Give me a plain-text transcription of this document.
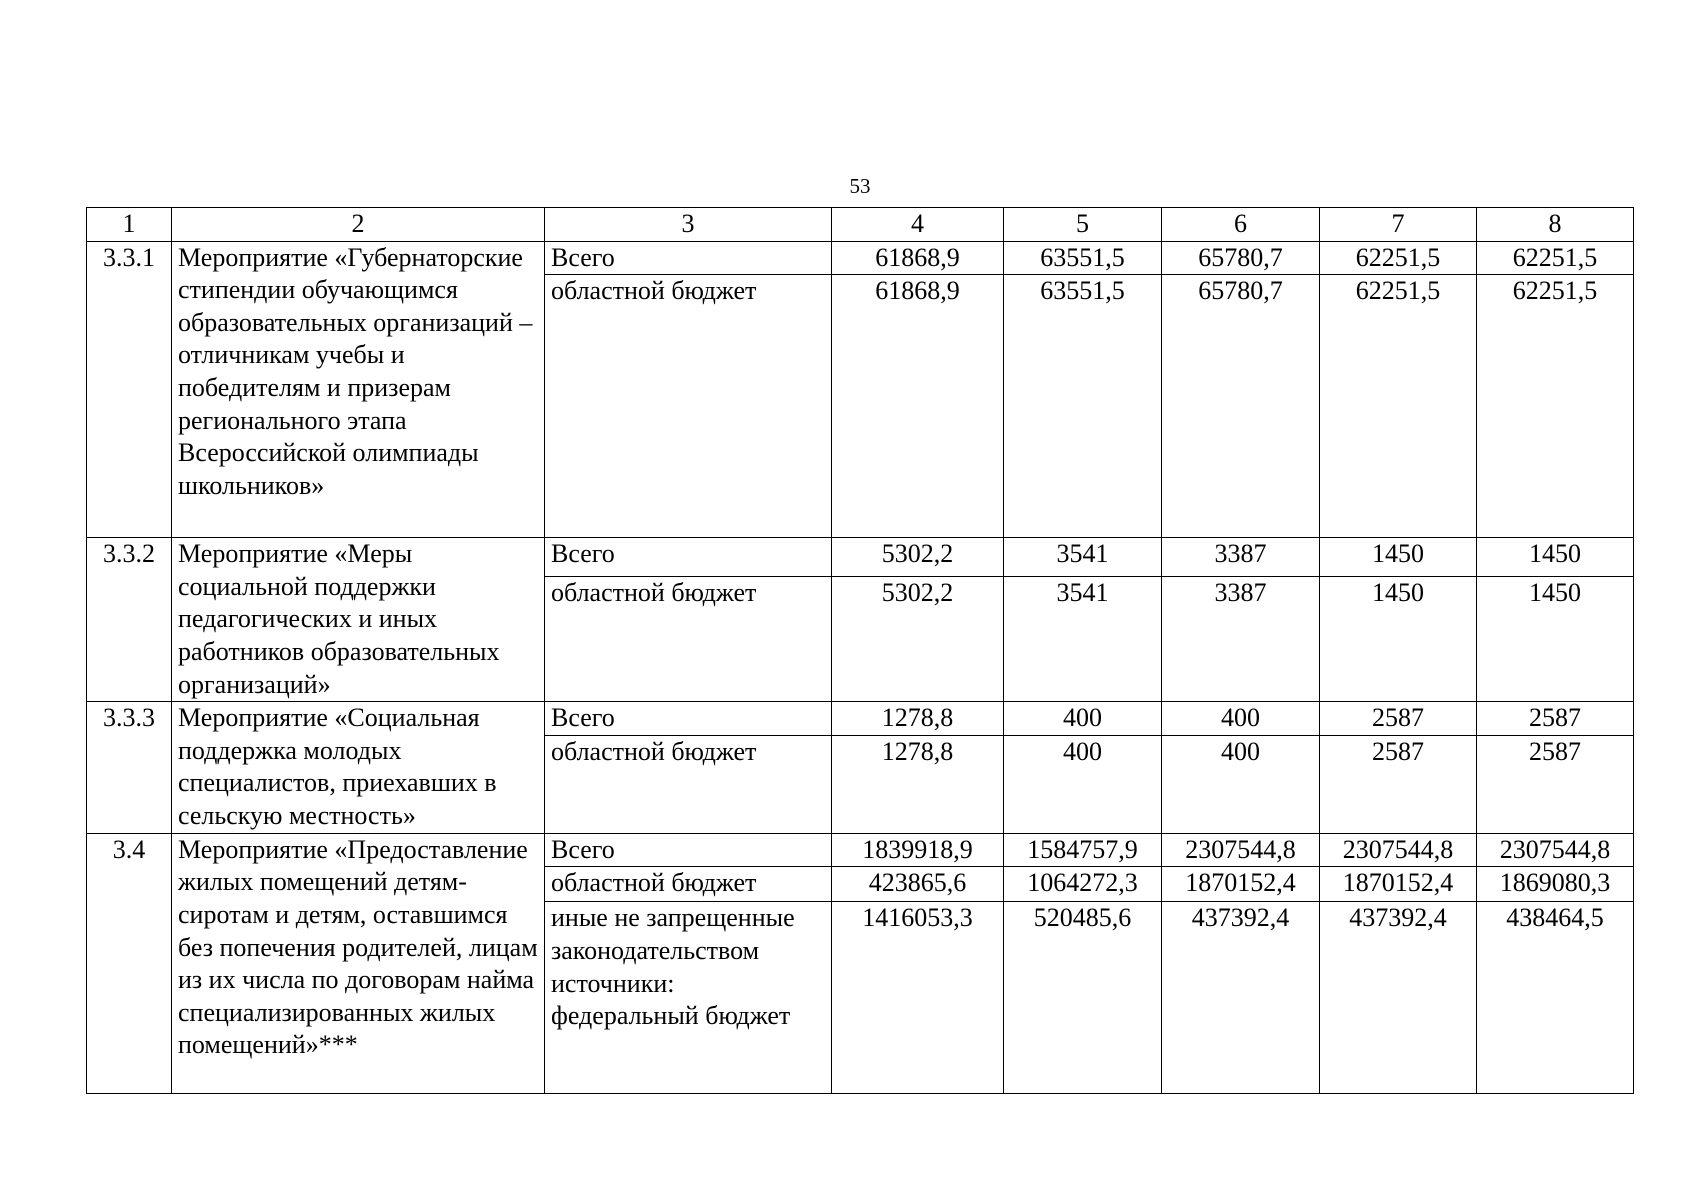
53
1	2	3	4	5	6	7	8
3.3.1	Мероприятие «Губернаторские стипендии обучающимся образовательных организаций – отличникам учебы и победителям и призерам регионального этапа Всероссийской олимпиады школьников»	Всего	61868,9	63551,5	65780,7	62251,5	62251,5
		областной бюджет	61868,9	63551,5	65780,7	62251,5	62251,5
3.3.2	Мероприятие «Меры социальной поддержки педагогических и иных работников образовательных организаций»	Всего	5302,2	3541	3387	1450	1450
		областной бюджет	5302,2	3541	3387	1450	1450
3.3.3	Мероприятие «Социальная поддержка молодых специалистов, приехавших в сельскую местность»	Всего	1278,8	400	400	2587	2587
		областной бюджет	1278,8	400	400	2587	2587
3.4	Мероприятие «Предоставление жилых помещений детям-сиротам и детям, оставшимся без попечения родителей, лицам из их числа по договорам найма специализированных жилых помещений»***	Всего	1839918,9	1584757,9	2307544,8	2307544,8	2307544,8
		областной бюджет	423865,6	1064272,3	1870152,4	1870152,4	1869080,3
		иные не запрещенные законодательством источники: федеральный бюджет	1416053,3	520485,6	437392,4	437392,4	438464,5
